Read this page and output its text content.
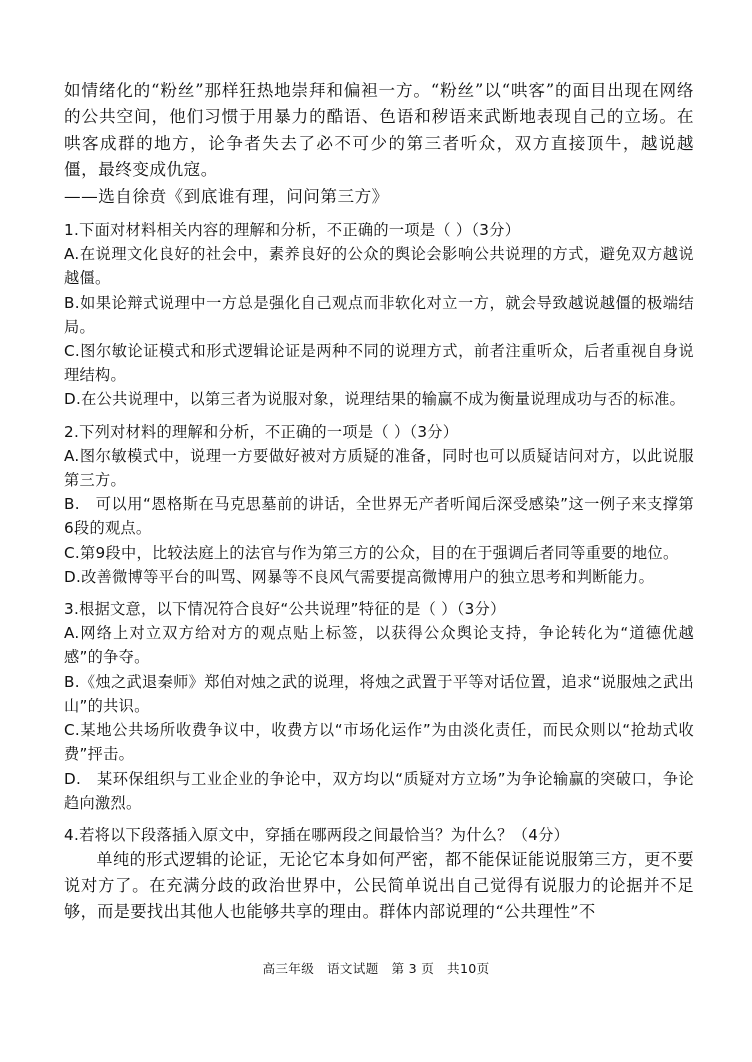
如情绪化的“粉丝”那样狂热地崇拜和偏袒一方。“粉丝”以“哄客”的面目出现在网络的公共空间，他们习惯于用暴力的酷语、色语和秽语来武断地表现自己的立场。在哄客成群的地方，论争者失去了必不可少的第三者听众，双方直接顶牛，越说越僵，最终变成仇寇。

——选自徐贲《到底谁有理，问问第三方》

1.下面对材料相关内容的理解和分析，不正确的一项是（ ）（3分）

A.在说理文化良好的社会中，素养良好的公众的舆论会影响公共说理的方式，避免双方越说越僵。

B.如果论辩式说理中一方总是强化自己观点而非软化对立一方，就会导致越说越僵的极端结局。

C.图尔敏论证模式和形式逻辑论证是两种不同的说理方式，前者注重听众，后者重视自身说理结构。

D.在公共说理中，以第三者为说服对象，说理结果的输赢不成为衡量说理成功与否的标准。

2.下列对材料的理解和分析，不正确的一项是（ ）（3分）

A.图尔敏模式中，说理一方要做好被对方质疑的准备，同时也可以质疑诘问对方，以此说服第三方。

B.　可以用“恩格斯在马克思墓前的讲话，全世界无产者听闻后深受感染”这一例子来支撑第6段的观点。

C.第9段中，比较法庭上的法官与作为第三方的公众，目的在于强调后者同等重要的地位。

D.改善微博等平台的叫骂、网暴等不良风气需要提高微博用户的独立思考和判断能力。

3.根据文意，以下情况符合良好“公共说理”特征的是（ ）（3分）

A.网络上对立双方给对方的观点贴上标签，以获得公众舆论支持，争论转化为“道德优越感”的争夺。

B.《烛之武退秦师》郑伯对烛之武的说理，将烛之武置于平等对话位置，追求“说服烛之武出山”的共识。

C.某地公共场所收费争议中，收费方以“市场化运作”为由淡化责任，而民众则以“抢劫式收费”抨击。

D.　某环保组织与工业企业的争论中，双方均以“质疑对方立场”为争论输赢的突破口，争论趋向激烈。

4.若将以下段落插入原文中，穿插在哪两段之间最恰当？为什么？（4分）

单纯的形式逻辑的论证，无论它本身如何严密，都不能保证能说服第三方，更不要说对方了。在充满分歧的政治世界中，公民简单说出自己觉得有说服力的论据并不足够，而是要找出其他人也能够共享的理由。群体内部说理的“公共理性”不

高三年级　语文试题　第 3 页　共10页
